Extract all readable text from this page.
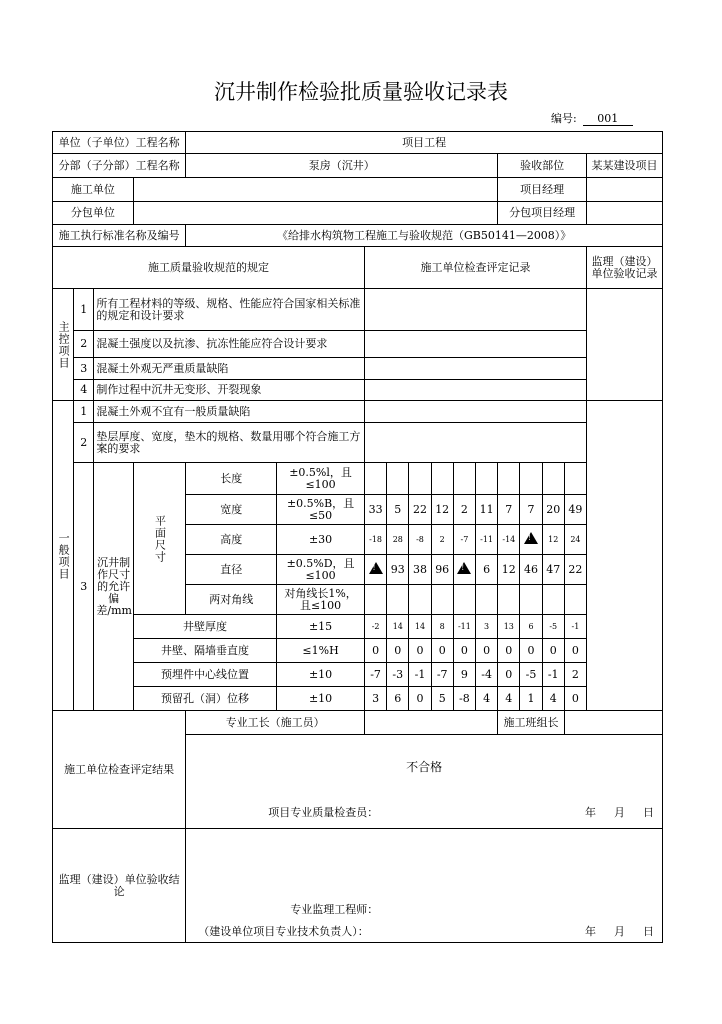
沉井制作检验批质量验收记录表
编号: 001
单位（子单位）工程名称				项目工程												
分部（子分部）工程名称				泵房（沉井）								验收部位				某某建设项目
施工单位												项目经理				
分包单位												分包项目经理				
施工执行标准名称及编号				《给排水构筑物工程施工与验收规范（GB50141—2008）》												
施工质量验收规范的规定						施工单位检查评定记录										监理（建设）单位验收记录

主控项目	1	所有工程材料的等级、规格、性能应符合国家相关标准的规定和设计要求														
	2	混凝土强度以及抗渗、抗冻性能应符合设计要求														
	3	混凝土外观无严重质量缺陷														
	4	制作过程中沉井无变形、开裂现象														

一般项目	1	混凝土外观不宜有一般质量缺陷														
	2	垫层厚度、宽度，垫木的规格、数量用哪个符合施工方案的要求														
	3	沉井制作尺寸的允许偏差/mm	平面尺寸	长度	±0.5%l，且≤100											
				宽度	±0.5%B，且≤50	33	5	22	12	2	11	7	7	20	49	
				高度	±30	-18	28	-8	2	-7	-11	-14	!	12	24	
				直径	±0.5%D，且≤100	!	93	38	96	!	6	12	46	47	22	
				两对角线	对角线长1%，且≤100											
			井壁厚度		±15	-2	14	14	8	-11	3	13	6	-5	-1	
			井壁、隔墙垂直度		≤1%H	0	0	0	0	0	0	0	0	0	0	
			预埋件中心线位置		±10	-7	-3	-1	-7	9	-4	0	-5	-1	2	
			预留孔（洞）位移		±10	3	6	0	5	-8	4	4	1	4	0	
施工单位检查评定结果				专业工长（施工员）								施工班组长				
				不合格												

				项目专业质量检查员： 年 月 日												

监理（建设）单位验收结论				专业监理工程师：
（建设单位项目专业技术负责人）： 年 月 日												
